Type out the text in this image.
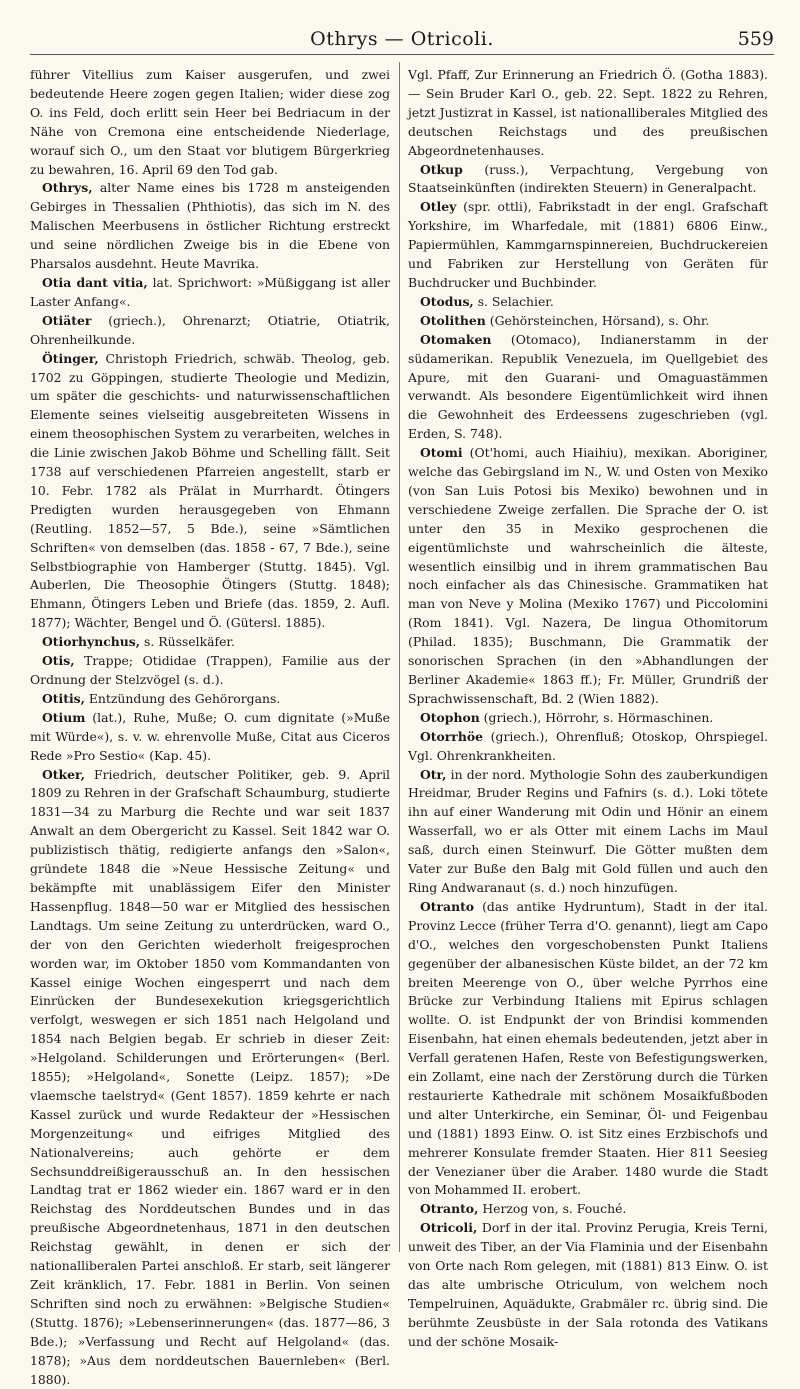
Othrys — Otricoli.	559

führer Vitellius zum Kaiser ausgerufen, und zwei bedeutende Heere zogen gegen Italien; wider diese zog O. ins Feld, doch erlitt sein Heer bei Bedriacum in der Nähe von Cremona eine entscheidende Niederlage, worauf sich O., um den Staat vor blutigem Bürgerkrieg zu bewahren, 16. April 69 den Tod gab.

Othrys, alter Name eines bis 1728 m ansteigenden Gebirges in Thessalien (Phthiotis), das sich im N. des Malischen Meerbusens in östlicher Richtung erstreckt und seine nördlichen Zweige bis in die Ebene von Pharsalos ausdehnt. Heute Mavrika.

Otia dant vitia, lat. Sprichwort: »Müßiggang ist aller Laster Anfang«.

Otiäter (griech.), Ohrenarzt; Otiatrie, Otiatrik, Ohrenheilkunde.

Ötinger, Christoph Friedrich, schwäb. Theolog, geb. 1702 zu Göppingen, studierte Theologie und Medizin, um später die geschichts- und naturwissenschaftlichen Elemente seines vielseitig ausgebreiteten Wissens in einem theosophischen System zu verarbeiten, welches in die Linie zwischen Jakob Böhme und Schelling fällt. Seit 1738 auf verschiedenen Pfarreien angestellt, starb er 10. Febr. 1782 als Prälat in Murrhardt. Ötingers Predigten wurden herausgegeben von Ehmann (Reutling. 1852—57, 5 Bde.), seine »Sämtlichen Schriften« von demselben (das. 1858 - 67, 7 Bde.), seine Selbstbiographie von Hamberger (Stuttg. 1845). Vgl. Auberlen, Die Theosophie Ötingers (Stuttg. 1848); Ehmann, Ötingers Leben und Briefe (das. 1859, 2. Aufl. 1877); Wächter, Bengel und Ö. (Gütersl. 1885).

Otiorhynchus, s. Rüsselkäfer.

Otis, Trappe; Otididae (Trappen), Familie aus der Ordnung der Stelzvögel (s. d.).

Otitis, Entzündung des Gehörorgans.

Otium (lat.), Ruhe, Muße; O. cum dignitate (»Muße mit Würde«), s. v. w. ehrenvolle Muße, Citat aus Ciceros Rede »Pro Sestio« (Kap. 45).

Otker, Friedrich, deutscher Politiker, geb. 9. April 1809 zu Rehren in der Grafschaft Schaumburg, studierte 1831—34 zu Marburg die Rechte und war seit 1837 Anwalt an dem Obergericht zu Kassel. Seit 1842 war O. publizistisch thätig, redigierte anfangs den »Salon«, gründete 1848 die »Neue Hessische Zeitung« und bekämpfte mit unablässigem Eifer den Minister Hassenpflug. 1848—50 war er Mitglied des hessischen Landtags. Um seine Zeitung zu unterdrücken, ward O., der von den Gerichten wiederholt freigesprochen worden war, im Oktober 1850 vom Kommandanten von Kassel einige Wochen eingesperrt und nach dem Einrücken der Bundesexekution kriegsgerichtlich verfolgt, weswegen er sich 1851 nach Helgoland und 1854 nach Belgien begab. Er schrieb in dieser Zeit: »Helgoland. Schilderungen und Erörterungen« (Berl. 1855); »Helgoland«, Sonette (Leipz. 1857); »De vlaemsche taelstryd« (Gent 1857). 1859 kehrte er nach Kassel zurück und wurde Redakteur der »Hessischen Morgenzeitung« und eifriges Mitglied des Nationalvereins; auch gehörte er dem Sechsunddreißigerausschuß an. In den hessischen Landtag trat er 1862 wieder ein. 1867 ward er in den Reichstag des Norddeutschen Bundes und in das preußische Abgeordnetenhaus, 1871 in den deutschen Reichstag gewählt, in denen er sich der nationalliberalen Partei anschloß. Er starb, seit längerer Zeit kränklich, 17. Febr. 1881 in Berlin. Von seinen Schriften sind noch zu erwähnen: »Belgische Studien« (Stuttg. 1876); »Lebenserinnerungen« (das. 1877—86, 3 Bde.); »Verfassung und Recht auf Helgoland« (das. 1878); »Aus dem norddeutschen Bauernleben« (Berl. 1880).

Vgl. Pfaff, Zur Erinnerung an Friedrich Ö. (Gotha 1883). — Sein Bruder Karl O., geb. 22. Sept. 1822 zu Rehren, jetzt Justizrat in Kassel, ist nationalliberales Mitglied des deutschen Reichstags und des preußischen Abgeordnetenhauses.

Otkup (russ.), Verpachtung, Vergebung von Staatseinkünften (indirekten Steuern) in Generalpacht.

Otley (spr. ottli), Fabrikstadt in der engl. Grafschaft Yorkshire, im Wharfedale, mit (1881) 6806 Einw., Papiermühlen, Kammgarnspinnereien, Buchdruckereien und Fabriken zur Herstellung von Geräten für Buchdrucker und Buchbinder.

Otodus, s. Selachier.

Otolithen (Gehörsteinchen, Hörsand), s. Ohr.

Otomaken (Otomaco), Indianerstamm in der südamerikan. Republik Venezuela, im Quellgebiet des Apure, mit den Guarani- und Omaguastämmen verwandt. Als besondere Eigentümlichkeit wird ihnen die Gewohnheit des Erdeessens zugeschrieben (vgl. Erden, S. 748).

Otomi (Ot'homi, auch Hiaihiu), mexikan. Aboriginer, welche das Gebirgsland im N., W. und Osten von Mexiko (von San Luis Potosi bis Mexiko) bewohnen und in verschiedene Zweige zerfallen. Die Sprache der O. ist unter den 35 in Mexiko gesprochenen die eigentümlichste und wahrscheinlich die älteste, wesentlich einsilbig und in ihrem grammatischen Bau noch einfacher als das Chinesische. Grammatiken hat man von Neve y Molina (Mexiko 1767) und Piccolomini (Rom 1841). Vgl. Nazera, De lingua Othomitorum (Philad. 1835); Buschmann, Die Grammatik der sonorischen Sprachen (in den »Abhandlungen der Berliner Akademie« 1863 ff.); Fr. Müller, Grundriß der Sprachwissenschaft, Bd. 2 (Wien 1882).

Otophon (griech.), Hörrohr, s. Hörmaschinen.

Otorrhöe (griech.), Ohrenfluß; Otoskop, Ohrspiegel. Vgl. Ohrenkrankheiten.

Otr, in der nord. Mythologie Sohn des zauberkundigen Hreidmar, Bruder Regins und Fafnirs (s. d.). Loki tötete ihn auf einer Wanderung mit Odin und Hönir an einem Wasserfall, wo er als Otter mit einem Lachs im Maul saß, durch einen Steinwurf. Die Götter mußten dem Vater zur Buße den Balg mit Gold füllen und auch den Ring Andwaranaut (s. d.) noch hinzufügen.

Otranto (das antike Hydruntum), Stadt in der ital. Provinz Lecce (früher Terra d'O. genannt), liegt am Capo d'O., welches den vorgeschobensten Punkt Italiens gegenüber der albanesischen Küste bildet, an der 72 km breiten Meerenge von O., über welche Pyrrhos eine Brücke zur Verbindung Italiens mit Epirus schlagen wollte. O. ist Endpunkt der von Brindisi kommenden Eisenbahn, hat einen ehemals bedeutenden, jetzt aber in Verfall geratenen Hafen, Reste von Befestigungswerken, ein Zollamt, eine nach der Zerstörung durch die Türken restaurierte Kathedrale mit schönem Mosaikfußboden und alter Unterkirche, ein Seminar, Öl- und Feigenbau und (1881) 1893 Einw. O. ist Sitz eines Erzbischofs und mehrerer Konsulate fremder Staaten. Hier 811 Seesieg der Venezianer über die Araber. 1480 wurde die Stadt von Mohammed II. erobert.

Otranto, Herzog von, s. Fouché.

Otricoli, Dorf in der ital. Provinz Perugia, Kreis Terni, unweit des Tiber, an der Via Flaminia und der Eisenbahn von Orte nach Rom gelegen, mit (1881) 813 Einw. O. ist das alte umbrische Otriculum, von welchem noch Tempelruinen, Aquädukte, Grabmäler rc. übrig sind. Die berühmte Zeusbüste in der Sala rotonda des Vatikans und der schöne Mosaik-
